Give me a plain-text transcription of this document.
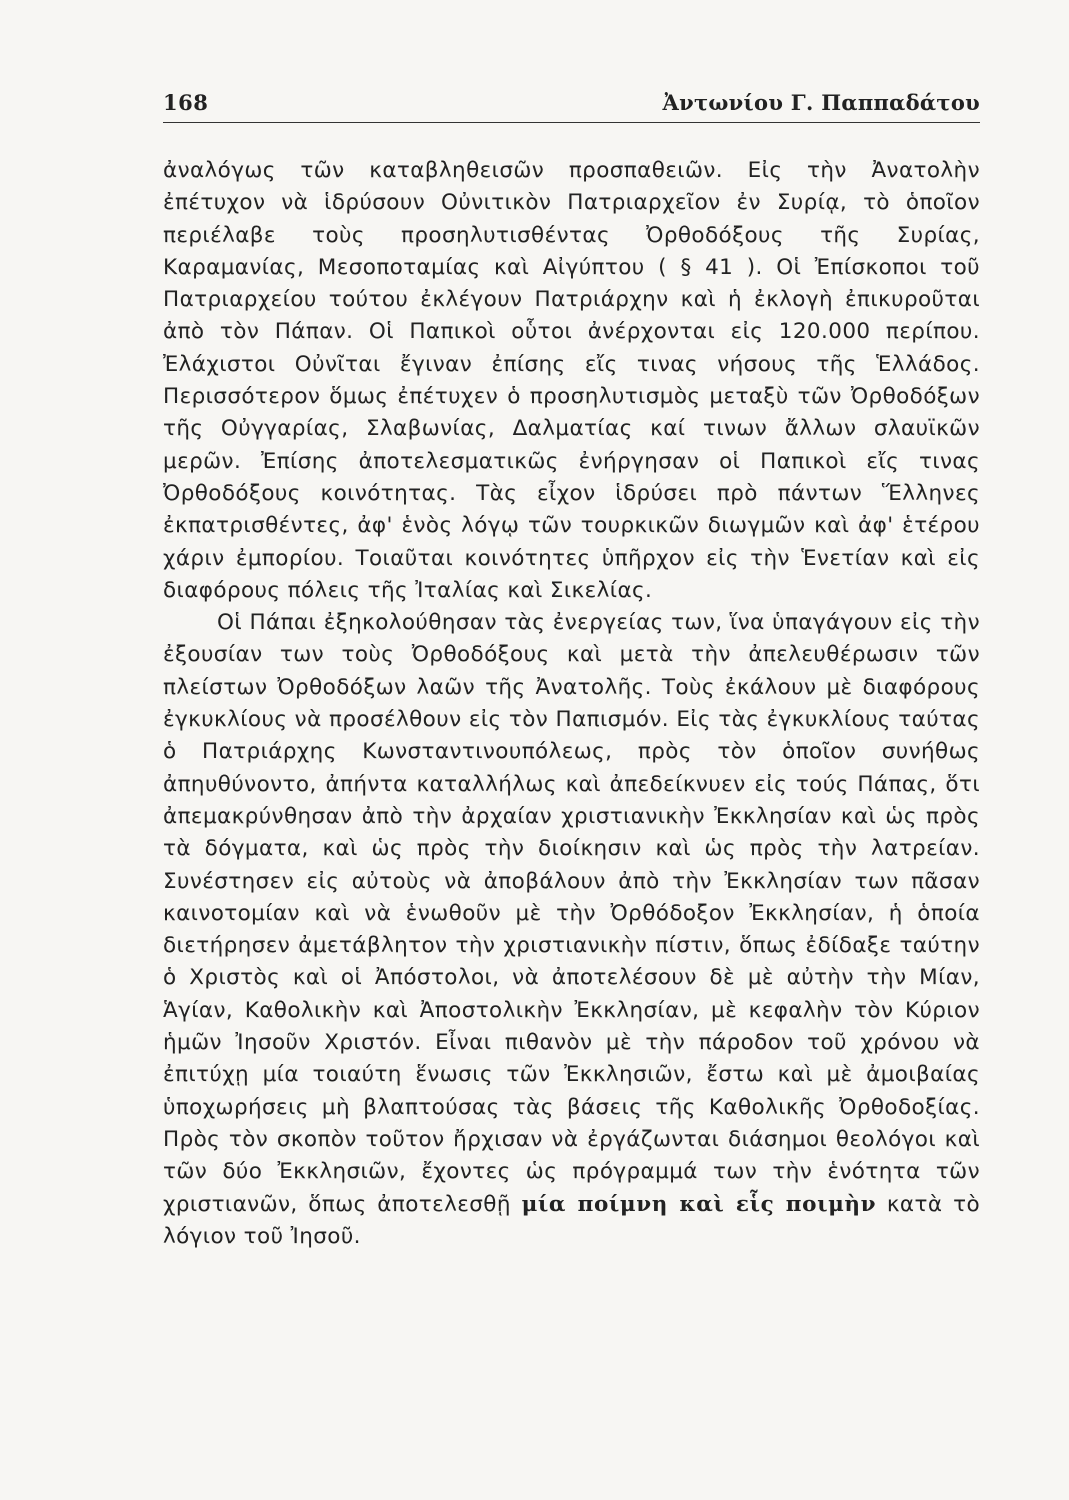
168	Ἀντωνίου Γ. Παππαδάτου

ἀναλόγως τῶν καταβληθεισῶν προσπαθειῶν. Εἰς τὴν Ἀνατολὴν ἐπέτυχον νὰ ἱδρύσουν Οὐνιτικὸν Πατριαρχεῖον ἐν Συρίᾳ, τὸ ὁποῖον περιέλαβε τοὺς προσηλυτισθέντας Ὀρθοδόξους τῆς Συρίας, Καραμανίας, Μεσοποταμίας καὶ Αἰγύπτου ( § 41 ). Οἱ Ἐπίσκοποι τοῦ Πατριαρχείου τούτου ἐκλέγουν Πατριάρχην καὶ ἡ ἐκλογὴ ἐπικυροῦται ἀπὸ τὸν Πάπαν. Οἱ Παπικοὶ οὗτοι ἀνέρχονται εἰς 120.000 περίπου. Ἐλάχιστοι Οὐνῖται ἔγιναν ἐπίσης εἴς τινας νήσους τῆς Ἑλλάδος. Περισσότερον ὅμως ἐπέτυχεν ὁ προσηλυτισμὸς μεταξὺ τῶν Ὀρθοδόξων τῆς Οὐγγαρίας, Σλαβωνίας, Δαλματίας καί τινων ἄλλων σλαυϊκῶν μερῶν. Ἐπίσης ἀποτελεσματικῶς ἐνήργησαν οἱ Παπικοὶ εἴς τινας Ὀρθοδόξους κοινότητας. Τὰς εἶχον ἱδρύσει πρὸ πάντων Ἕλληνες ἐκπατρισθέντες, ἀφ' ἑνὸς λόγῳ τῶν τουρκικῶν διωγμῶν καὶ ἀφ' ἑτέρου χάριν ἐμπορίου. Τοιαῦται κοινότητες ὑπῆρχον εἰς τὴν Ἑνετίαν καὶ εἰς διαφόρους πόλεις τῆς Ἰταλίας καὶ Σικελίας.

Οἱ Πάπαι ἐξηκολούθησαν τὰς ἐνεργείας των, ἵνα ὑπαγάγουν εἰς τὴν ἐξουσίαν των τοὺς Ὀρθοδόξους καὶ μετὰ τὴν ἀπελευθέρωσιν τῶν πλείστων Ὀρθοδόξων λαῶν τῆς Ἀνατολῆς. Τοὺς ἐκάλουν μὲ διαφόρους ἐγκυκλίους νὰ προσέλθουν εἰς τὸν Παπισμόν. Εἰς τὰς ἐγκυκλίους ταύτας ὁ Πατριάρχης Κωνσταντινουπόλεως, πρὸς τὸν ὁποῖον συνήθως ἀπηυθύνοντο, ἀπήντα καταλλήλως καὶ ἀπεδείκνυεν εἰς τούς Πάπας, ὅτι ἀπεμακρύνθησαν ἀπὸ τὴν ἀρχαίαν χριστιανικὴν Ἐκκλησίαν καὶ ὡς πρὸς τὰ δόγματα, καὶ ὡς πρὸς τὴν διοίκησιν καὶ ὡς πρὸς τὴν λατρείαν. Συνέστησεν εἰς αὐτοὺς νὰ ἀποβάλουν ἀπὸ τὴν Ἐκκλησίαν των πᾶσαν καινοτομίαν καὶ νὰ ἑνωθοῦν μὲ τὴν Ὀρθόδοξον Ἐκκλησίαν, ἡ ὁποία διετήρησεν ἀμετάβλητον τὴν χριστιανικὴν πίστιν, ὅπως ἐδίδαξε ταύτην ὁ Χριστὸς καὶ οἱ Ἀπόστολοι, νὰ ἀποτελέσουν δὲ μὲ αὐτὴν τὴν Μίαν, Ἁγίαν, Καθολικὴν καὶ Ἀποστολικὴν Ἐκκλησίαν, μὲ κεφαλὴν τὸν Κύριον ἡμῶν Ἰησοῦν Χριστόν. Εἶναι πιθανὸν μὲ τὴν πάροδον τοῦ χρόνου νὰ ἐπιτύχῃ μία τοιαύτη ἕνωσις τῶν Ἐκκλησιῶν, ἔστω καὶ μὲ ἀμοιβαίας ὑποχωρήσεις μὴ βλαπτούσας τὰς βάσεις τῆς Καθολικῆς Ὀρθοδοξίας. Πρὸς τὸν σκοπὸν τοῦτον ἤρχισαν νὰ ἐργάζωνται διάσημοι θεολόγοι καὶ τῶν δύο Ἐκκλησιῶν, ἔχοντες ὡς πρόγραμμά των τὴν ἑνότητα τῶν χριστιανῶν, ὅπως ἀποτελεσθῇ μία ποίμνη καὶ εἷς ποιμὴν κατὰ τὸ λόγιον τοῦ Ἰησοῦ.
